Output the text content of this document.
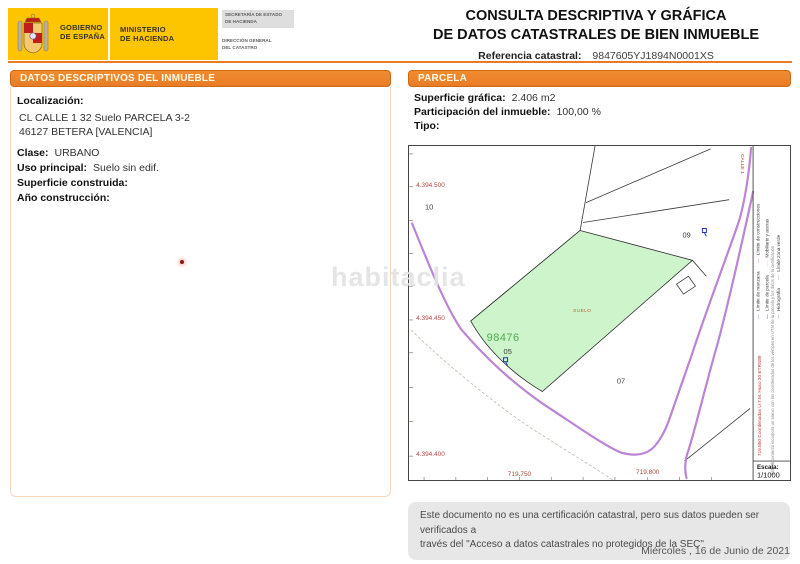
GOBIERNO
DE ESPAÑA
MINISTERIO
DE HACIENDA
SECRETARÍA DE ESTADO
DE HACIENDA
DIRECCIÓN GENERAL
DEL CATASTRO
CONSULTA DESCRIPTIVA Y GRÁFICA
DE DATOS CATASTRALES DE BIEN INMUEBLE
Referencia catastral: 9847605YJ1894N0001XS
DATOS DESCRIPTIVOS DEL INMUEBLE
Localización:
CL CALLE 1 32 Suelo PARCELA 3-2
46127 BETERA [VALENCIA]
Clase: URBANO
Uso principal: Suelo sin edif.
Superficie construida:
Año construcción:
PARCELA
Superficie gráfica: 2.406 m2
Participación del inmueble: 100,00 %
Tipo:
4.394.500
4.394.450
4.394.400
719.750	719.800
10
05
07
09
98476
SUELO
CALLE 1
— Límite de manzana — Límite de construcciones
— Límite de parcela ···· Mobiliario y aceras
— Hidrografía — Límite zona verde
719.850 Coordenadas U.T.M. Huso 30 ETRS89 Este documento incorpora un anexo con las coordenadas de los vértices en UTM de la parcela y los datos de la certificación
Escala:
1/1000
habitaclia
Este documento no es una certificación catastral, pero sus datos pueden ser verificados a
través del "Acceso a datos catastrales no protegidos de la SEC"
Miércoles , 16 de Junio de 2021
